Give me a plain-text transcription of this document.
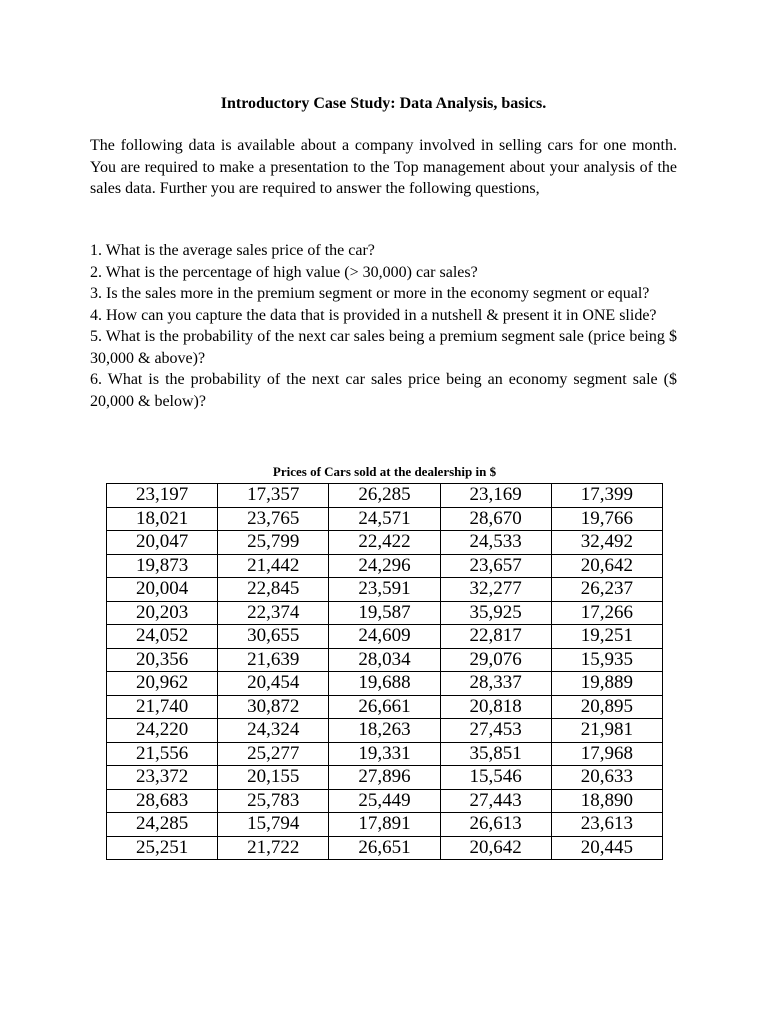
Introductory Case Study: Data Analysis, basics.

The following data is available about a company involved in selling cars for one month. You are required to make a presentation to the Top management about your analysis of the sales data. Further you are required to answer the following questions,

1. What is the average sales price of the car?
2. What is the percentage of high value (> 30,000) car sales?
3. Is the sales more in the premium segment or more in the economy segment or equal?
4. How can you capture the data that is provided in a nutshell & present it in ONE slide?
5. What is the probability of the next car sales being a premium segment sale (price being $ 30,000 & above)?
6. What is the probability of the next car sales price being an economy segment sale ($ 20,000 & below)?

Prices of Cars sold at the dealership in $

23,197	17,357	26,285	23,169	17,399
18,021	23,765	24,571	28,670	19,766
20,047	25,799	22,422	24,533	32,492
19,873	21,442	24,296	23,657	20,642
20,004	22,845	23,591	32,277	26,237
20,203	22,374	19,587	35,925	17,266
24,052	30,655	24,609	22,817	19,251
20,356	21,639	28,034	29,076	15,935
20,962	20,454	19,688	28,337	19,889
21,740	30,872	26,661	20,818	20,895
24,220	24,324	18,263	27,453	21,981
21,556	25,277	19,331	35,851	17,968
23,372	20,155	27,896	15,546	20,633
28,683	25,783	25,449	27,443	18,890
24,285	15,794	17,891	26,613	23,613
25,251	21,722	26,651	20,642	20,445
